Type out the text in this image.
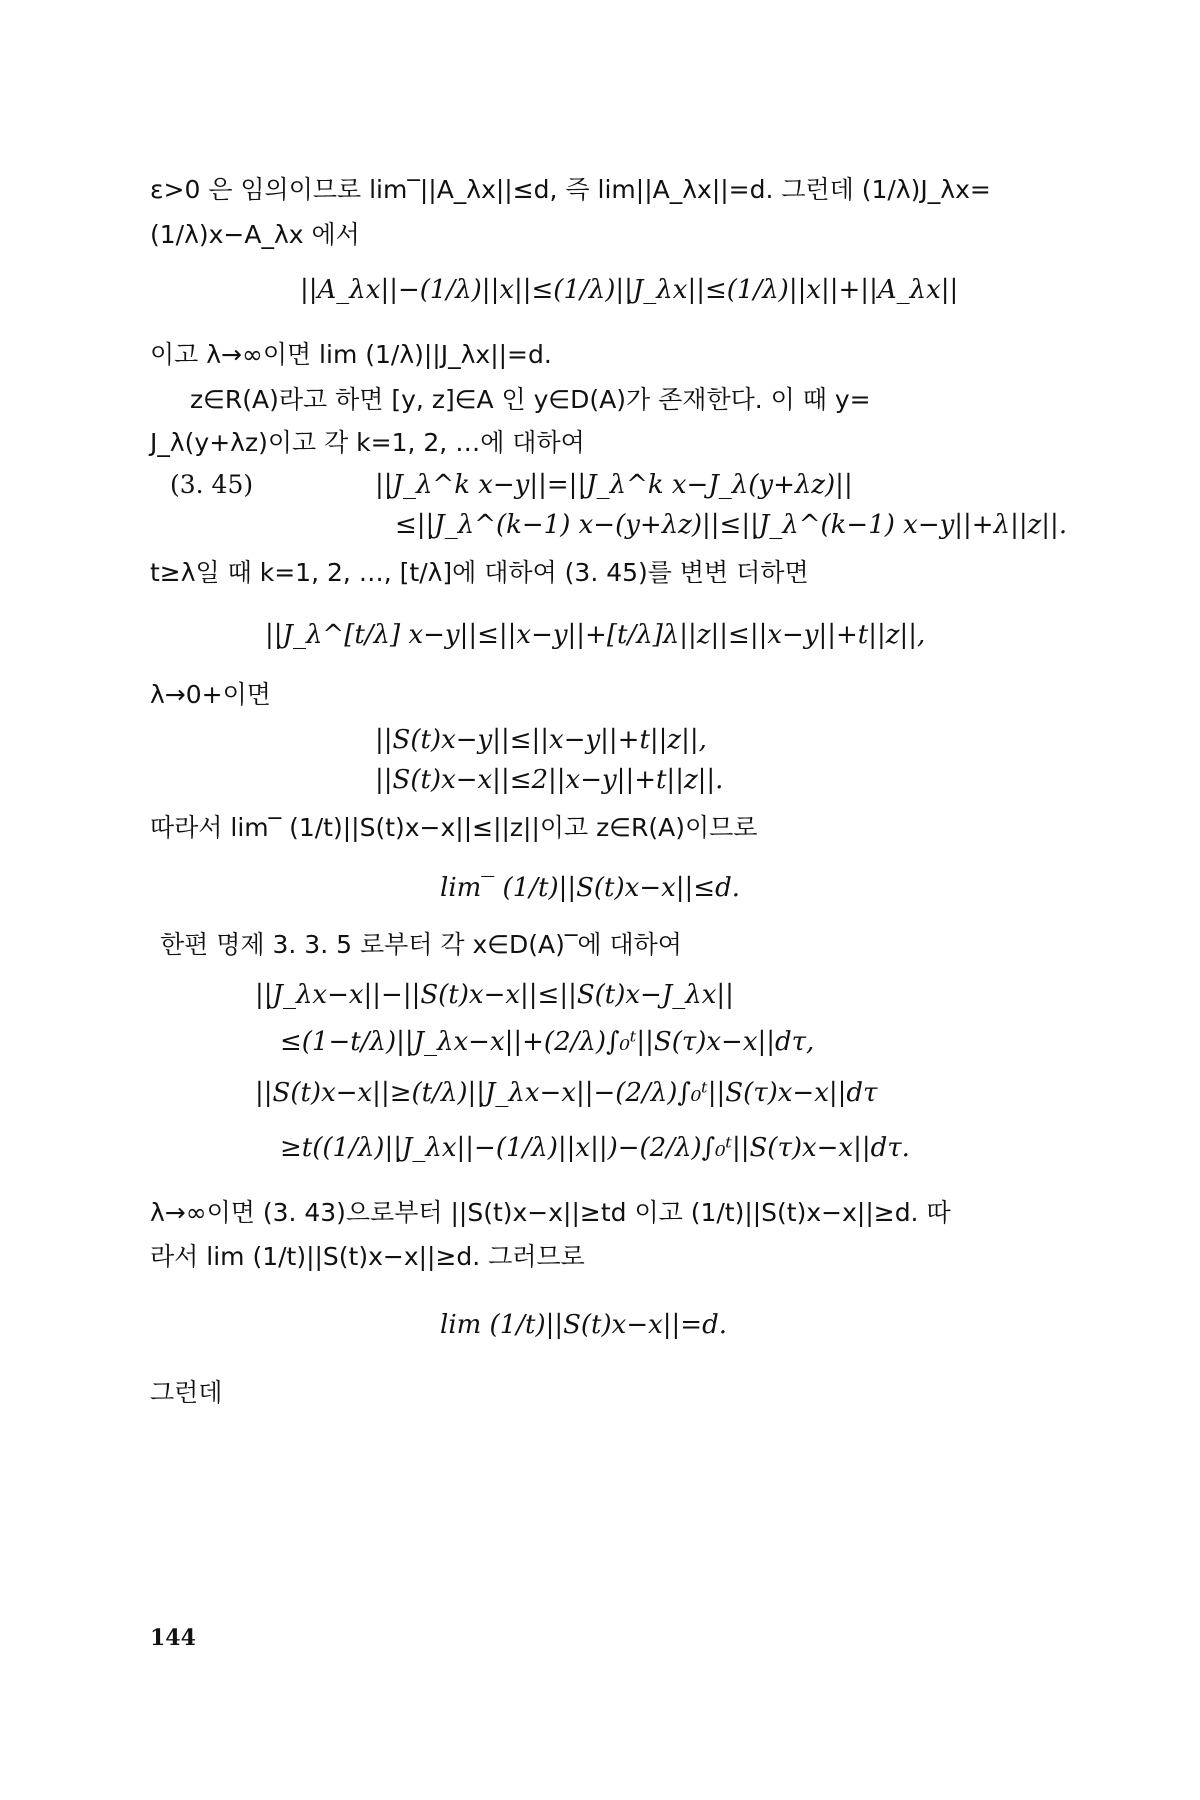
ε>0 은 임의이므로 lim‾||A_λx||≤d, 즉 lim||A_λx||=d. 그런데 (1/λ)J_λx=
(1/λ)x−A_λx 에서
||A_λx||−(1/λ)||x||≤(1/λ)||J_λx||≤(1/λ)||x||+||A_λx||
이고 λ→∞이면 lim (1/λ)||J_λx||=d.
z∈R(A)라고 하면 [y, z]∈A 인 y∈D(A)가 존재한다. 이 때 y=
J_λ(y+λz)이고 각 k=1, 2, …에 대하여
(3. 45)	||J_λ^k x−y||=||J_λ^k x−J_λ(y+λz)||
≤||J_λ^(k−1) x−(y+λz)||≤||J_λ^(k−1) x−y||+λ||z||.
t≥λ일 때 k=1, 2, …, [t/λ]에 대하여 (3. 45)를 변변 더하면
||J_λ^[t/λ] x−y||≤||x−y||+[t/λ]λ||z||≤||x−y||+t||z||,
λ→0+이면
||S(t)x−y||≤||x−y||+t||z||,
||S(t)x−x||≤2||x−y||+t||z||.
따라서 lim‾ (1/t)||S(t)x−x||≤||z||이고 z∈R(A)이므로
lim‾ (1/t)||S(t)x−x||≤d.
한편 명제 3. 3. 5 로부터 각 x∈D(A)‾에 대하여
||J_λx−x||−||S(t)x−x||≤||S(t)x−J_λx||
≤(1−t/λ)||J_λx−x||+(2/λ)∫₀ᵗ||S(τ)x−x||dτ,
||S(t)x−x||≥(t/λ)||J_λx−x||−(2/λ)∫₀ᵗ||S(τ)x−x||dτ
≥t((1/λ)||J_λx||−(1/λ)||x||)−(2/λ)∫₀ᵗ||S(τ)x−x||dτ.
λ→∞이면 (3. 43)으로부터 ||S(t)x−x||≥td 이고 (1/t)||S(t)x−x||≥d. 따
라서 lim (1/t)||S(t)x−x||≥d. 그러므로
lim (1/t)||S(t)x−x||=d.
그런데
144
